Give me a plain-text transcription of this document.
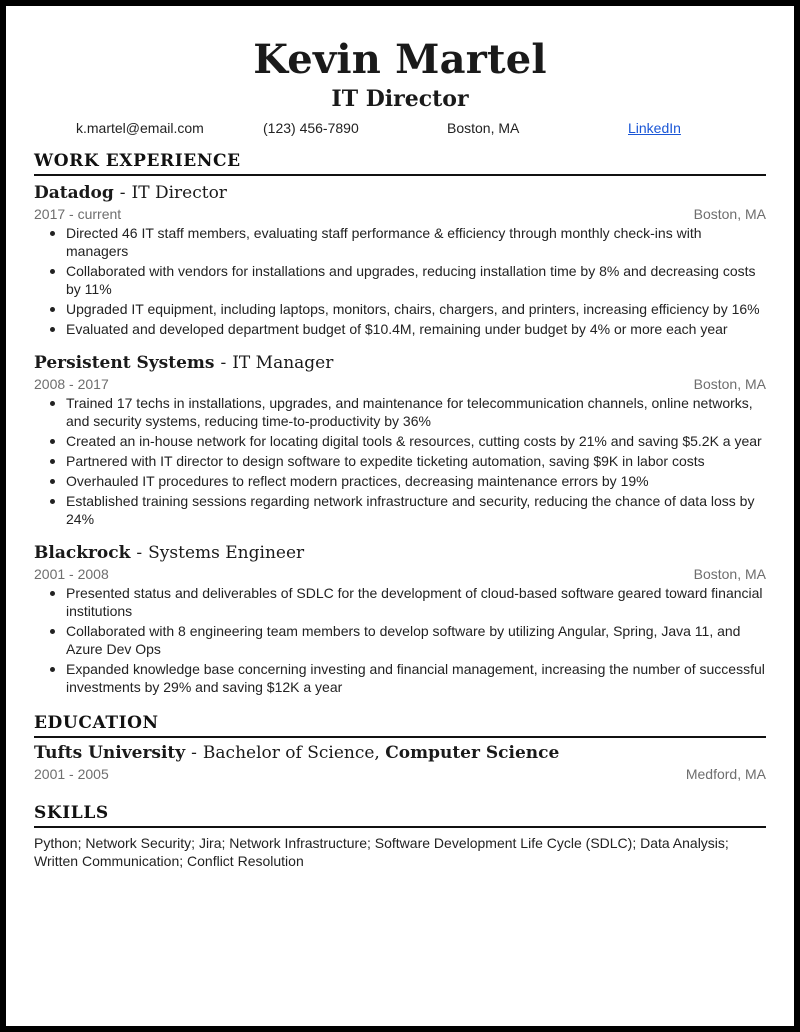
Kevin Martel
IT Director
k.martel@email.com	(123) 456-7890	Boston, MA	LinkedIn
WORK EXPERIENCE
Datadog - IT Director
2017 - current	Boston, MA
Directed 46 IT staff members, evaluating staff performance & efficiency through monthly check-ins with managers
Collaborated with vendors for installations and upgrades, reducing installation time by 8% and decreasing costs by 11%
Upgraded IT equipment, including laptops, monitors, chairs, chargers, and printers, increasing efficiency by 16%
Evaluated and developed department budget of $10.4M, remaining under budget by 4% or more each year
Persistent Systems - IT Manager
2008 - 2017	Boston, MA
Trained 17 techs in installations, upgrades, and maintenance for telecommunication channels, online networks, and security systems, reducing time-to-productivity by 36%
Created an in-house network for locating digital tools & resources, cutting costs by 21% and saving $5.2K a year
Partnered with IT director to design software to expedite ticketing automation, saving $9K in labor costs
Overhauled IT procedures to reflect modern practices, decreasing maintenance errors by 19%
Established training sessions regarding network infrastructure and security, reducing the chance of data loss by 24%
Blackrock - Systems Engineer
2001 - 2008	Boston, MA
Presented status and deliverables of SDLC for the development of cloud-based software geared toward financial institutions
Collaborated with 8 engineering team members to develop software by utilizing Angular, Spring, Java 11, and Azure Dev Ops
Expanded knowledge base concerning investing and financial management, increasing the number of successful investments by 29% and saving $12K a year
EDUCATION
Tufts University - Bachelor of Science, Computer Science
2001 - 2005	Medford, MA
SKILLS
Python; Network Security; Jira; Network Infrastructure; Software Development Life Cycle (SDLC); Data Analysis; Written Communication; Conflict Resolution
